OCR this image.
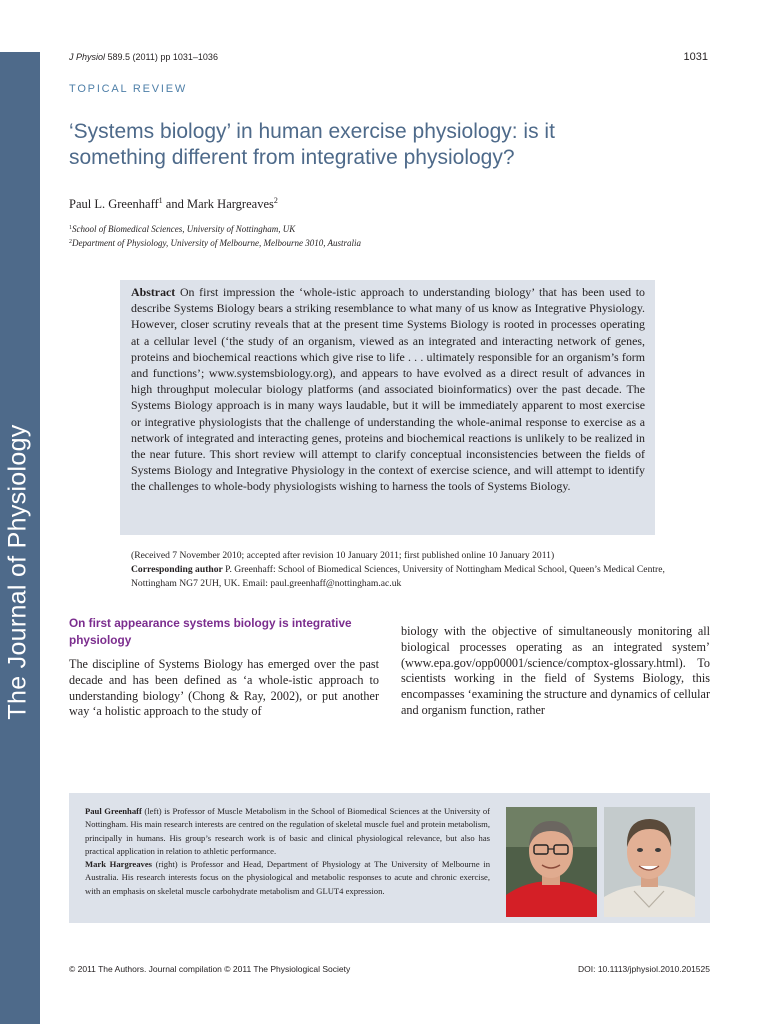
The Journal of Physiology
J Physiol 589.5 (2011) pp 1031–1036	1031
TOPICAL REVIEW
‘Systems biology’ in human exercise physiology: is it
something different from integrative physiology?
Paul L. Greenhaff$^1$ and Mark Hargreaves$^2$
$^1$School of Biomedical Sciences, University of Nottingham, UK
$^2$Department of Physiology, University of Melbourne, Melbourne 3010, Australia
Abstract On first impression the ‘whole-istic approach to understanding biology’ that has been used to describe Systems Biology bears a striking resemblance to what many of us know as Integrative Physiology. However, closer scrutiny reveals that at the present time Systems Biology is rooted in processes operating at a cellular level (‘the study of an organism, viewed as an integrated and interacting network of genes, proteins and biochemical reactions which give rise to life . . . ultimately responsible for an organism’s form and functions’; www.systemsbiology.org), and appears to have evolved as a direct result of advances in high throughput molecular biology platforms (and associated bioinformatics) over the past decade. The Systems Biology approach is in many ways laudable, but it will be immediately apparent to most exercise or integrative physiologists that the challenge of understanding the whole-animal response to exercise as a network of integrated and interacting genes, proteins and biochemical reactions is unlikely to be realized in the near future. This short review will attempt to clarify conceptual inconsistencies between the fields of Systems Biology and Integrative Physiology in the context of exercise science, and will attempt to identify the challenges to whole-body physiologists wishing to harness the tools of Systems Biology.
(Received 7 November 2010; accepted after revision 10 January 2011; first published online 10 January 2011)
Corresponding author P. Greenhaff: School of Biomedical Sciences, University of Nottingham Medical School, Queen’s Medical Centre, Nottingham NG7 2UH, UK. Email: paul.greenhaff@nottingham.ac.uk
On first appearance systems biology is integrative physiology
The discipline of Systems Biology has emerged over the past decade and has been defined as ‘a whole-istic approach to understanding biology’ (Chong & Ray, 2002), or put another way ‘a holistic approach to the study of
biology with the objective of simultaneously monitoring all biological processes operating as an integrated system’ (www.epa.gov/opp00001/science/comptox-glossary.html). To scientists working in the field of Systems Biology, this encompasses ‘examining the structure and dynamics of cellular and organism function, rather
Paul Greenhaff (left) is Professor of Muscle Metabolism in the School of Biomedical Sciences at the University of Nottingham. His main research interests are centred on the regulation of skeletal muscle fuel and protein metabolism, principally in humans. His group’s research work is of basic and clinical physiological relevance, but also has practical application in relation to athletic performance.
Mark Hargreaves (right) is Professor and Head, Department of Physiology at The University of Melbourne in Australia. His research interests focus on the physiological and metabolic responses to acute and chronic exercise, with an emphasis on skeletal muscle carbohydrate metabolism and GLUT4 expression.
© 2011 The Authors. Journal compilation © 2011 The Physiological Society	DOI: 10.1113/jphysiol.2010.201525
